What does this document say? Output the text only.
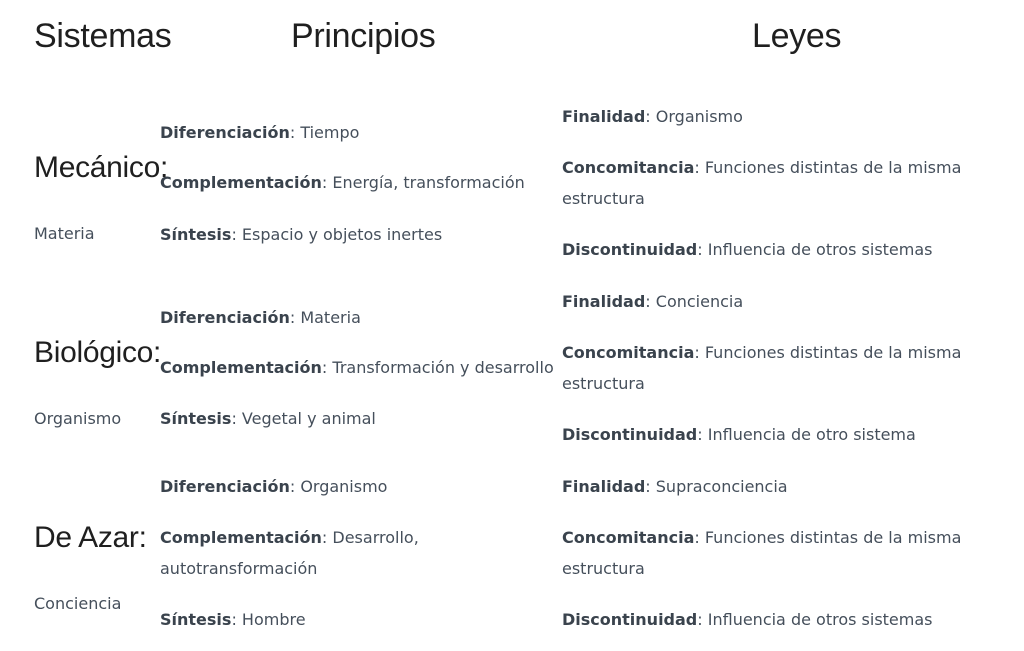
Sistemas	Principios	Leyes
Mecánico:
Materia

Diferenciación: Tiempo

Complementación: Energía, transformación

Síntesis: Espacio y objetos inertes

Finalidad: Organismo

Concomitancia: Funciones distintas de la misma estructura

Discontinuidad: Influencia de otros sistemas

Biológico:
Organismo

Diferenciación: Materia

Complementación: Transformación y desarrollo

Síntesis: Vegetal y animal

Finalidad: Conciencia

Concomitancia: Funciones distintas de la misma estructura

Discontinuidad: Influencia de otro sistema

De Azar:
Conciencia

Diferenciación: Organismo

Complementación: Desarrollo, autotransformación

Síntesis: Hombre

Finalidad: Supraconciencia

Concomitancia: Funciones distintas de la misma estructura

Discontinuidad: Influencia de otros sistemas
